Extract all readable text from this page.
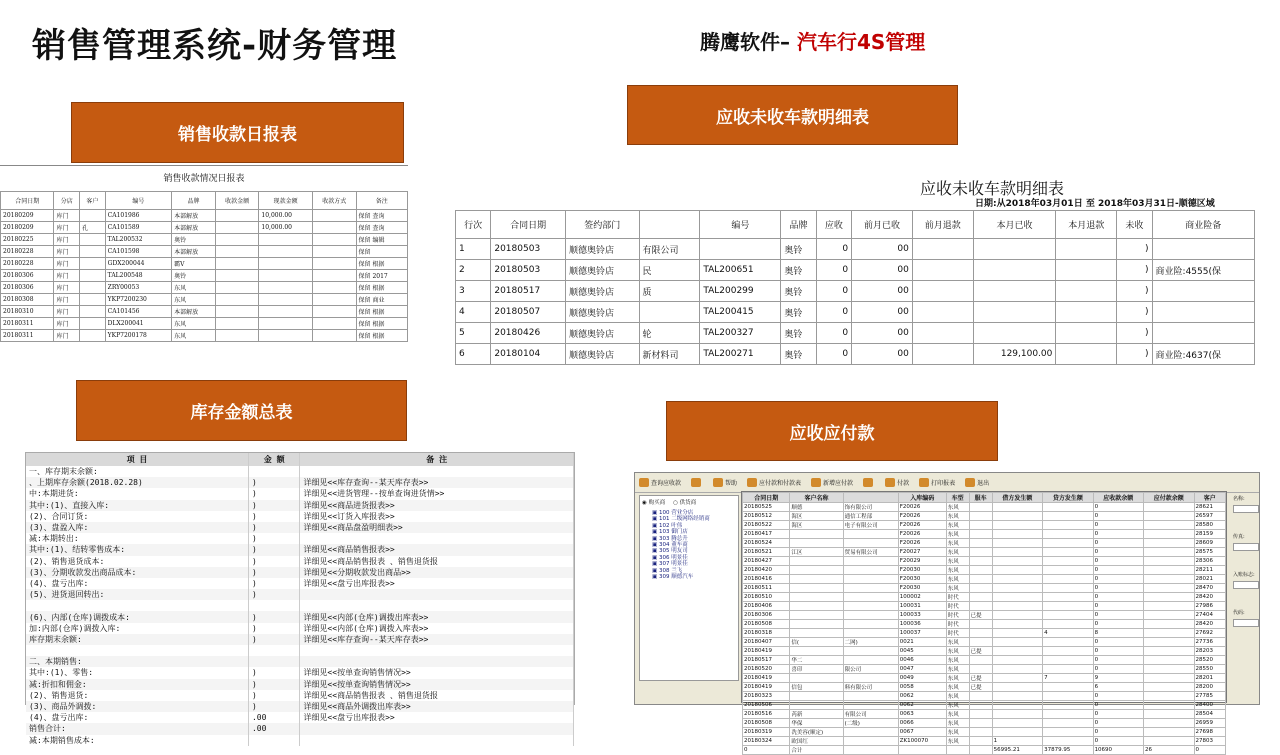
销售管理系统-财务管理	腾鹰软件– 汽车行4S管理
销售收款日报表
应收未收车款明细表
库存金额总表
应收应付款
销售收款情况日报表
合同日期	分店	客户	编号	品牌	收款金额	现款金额	收款方式	备注
20180209	库门		CA101986	本部解放		10,000.00		保留 查询
20180209	库门	孔	CA101589	本部解放		10,000.00		保留 查询
20180225	库门		TAL200532	奥铃				保留 编辑
20180228	库门		CA101598	本部解放				保留
20180228	库门		GDX200044	霸V				保留 根据
20180306	库门		TAL200548	奥铃				保留 2017
20180306	库门		ZRY00053	东风				保留 根据
20180308	库门		YKP7200230	东风				保留 商业
20180310	库门		CA101456	本部解放				保留 根据
20180311	库门		DLX200041	东风				保留 根据
20180311	库门		YKP7200178	东风				保留 根据
应收未收车款明细表
日期:从2018年03月01日 至 2018年03月31日-顺德区域
行次	合同日期	签约部门		编号	品牌	应收	前月已收	前月退款	本月已收	本月退款	未收	商业险备
1	20180503	顺德奥铃店	有限公司		奥铃	0	00				)	
2	20180503	顺德奥铃店	民	TAL200651	奥铃	0	00				)	商业险:4555(保
3	20180517	顺德奥铃店	质	TAL200299	奥铃	0	00				)	
4	20180507	顺德奥铃店		TAL200415	奥铃	0	00				)	
5	20180426	顺德奥铃店	轮	TAL200327	奥铃	0	00				)	
6	20180104	顺德奥铃店	新材料司	TAL200271	奥铃	0	00		129,100.00		)	商业险:4637(保
项 目	金 额	备 注
一、库存期末余额:		
、上期库存余额(2018.02.28)	)	详细见<<库存查询--某天库存表>>
中:本期进货:	)	详细见<<进货管理--按单查询进货情>>
其中:(1)、直接入库:	)	详细见<<商品进货报表>>
(2)、合同订货:	)	详细见<<订货入库报表>>
(3)、盘盈入库:	)	详细见<<商品盘盈明细表>>
减:本期转出:	)	
其中:(1)、结转零售成本:	)	详细见<<商品销售报表>>
(2)、销售退货成本:	)	详细见<<商品销售报表 、销售退货报
(3)、分期收款发出商品成本:	)	详细见<<分期收款发出商品>>
(4)、盘亏出库:	)	详细见<<盘亏出库报表>>
(5)、进货退回转出:	)	

(6)、内部(仓库)调拨成本:	)	详细见<<内部(仓库)调拨出库表>>
加:内部(仓库)调拨入库:	)	详细见<<内部(仓库)调拨入库表>>
库存期末余额:	)	详细见<<库存查询--某天库存表>>

二、本期销售:		
其中:(1)、零售:	)	详细见<<按单查询销售情况>>
减:折扣和佣金:	)	详细见<<按单查询销售情况>>
(2)、销售退货:	)	详细见<<商品销售报表 、销售退货报
(3)、商品外调拨:	)	详细见<<商品外调拨出库表>>
(4)、盘亏出库:	.00	详细见<<盘亏出库报表>>
销售合计:	.00	
减:本期销售成本:		
查询应收款	帮助	应付款和付款表	新增应付款	付款	打印报表	退出
◉ 购买商 ○ 供货商
▣ 100 营业分店
▣ 101 二级网络经销商
▣ 102 叶伟
▣ 103 御门店
▣ 303 腾总升
▣ 304 董车商
▣ 305 明友司
▣ 306 明景佳
▣ 307 明景佳
▣ 308 兰飞
▣ 309 顺德汽车
合同日期	客户名称		入库编码	车型	服车	借方发生额	贷方发生额	应收款余额	应付款余额	客户
20180525	顺德	饰有限公司	F20026	东风				0		28621
20180512	海区	通信工程部	F20026	东风				0		26597
20180522	海区	电子有限公司	F20026	东风				0		28580
20180417			F20026	东风				0		28159
20180524			F20026	东风				0		28609
20180521	江区	贸易有限公司	F20027	东风				0		28575
20180427			F20029	东风				0		28306
20180420			F20030	东风				0		28211
20180416			F20030	东风				0		28021
20180511			F20030	东风				0		28470
20180510			100002	时代				0		28420
20180406			100031	时代				0		27986
20180306			100033	时代	已提			0		27404
20180508			100036	时代				0		28420
20180318			100037	时代			4	8		27692
20180407	信(	二网)	0021	东风				0		27736
20180419			0045	东风	已提			0		28203
20180517	华二		0046	东风				0		28520
20180520	喜印	限公司	0047	东风				0		28550
20180419			0049	东风	已提		7	9		28201
20180419	信包	料有限公司	0058	东风	已提			6		28200
20180323			0062	东风				0		27785
20180506			0062	东风				0		28400
20180516	芮新	有限公司	0063	东风				0		28504
20180508	华保	(二级)	0066	东风				0		26959
20180319	冼美容(顺定)		0067	东风				0		27698
20180324	欧国红		ZK100070	东风		1		0		27803
0	合计					56995.21	37879.95	10690	26	0
名称:
传真:
入账标志:
代码:
